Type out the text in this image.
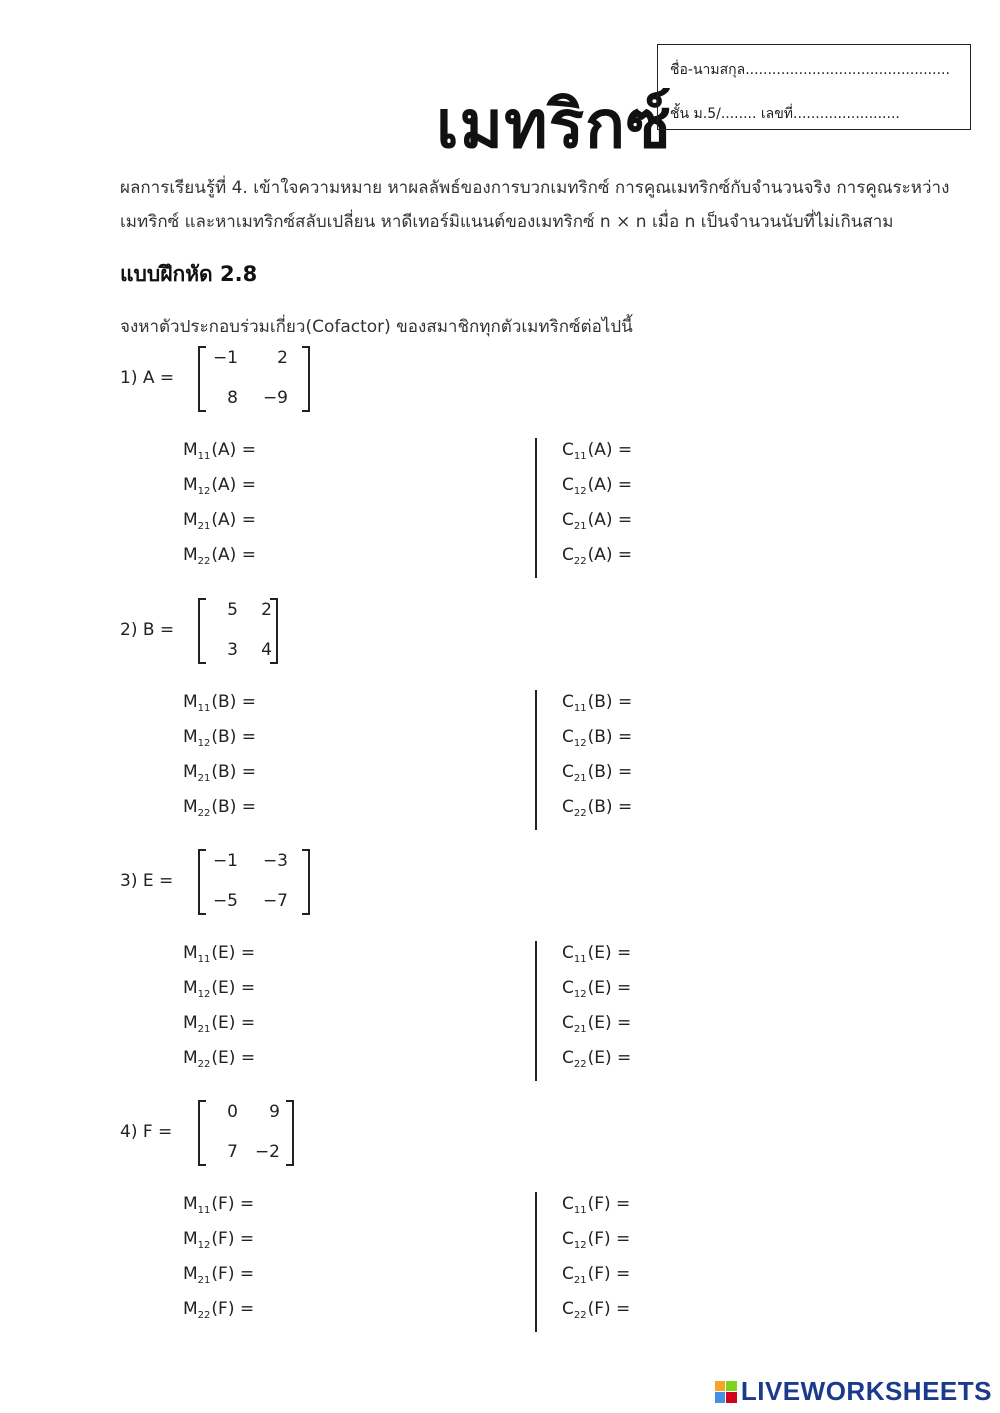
เมทริกซ์
ชื่อ-นามสกุล..............................................
ชั้น ม.5/........ เลขที่........................
ผลการเรียนรู้ที่ 4. เข้าใจความหมาย หาผลลัพธ์ของการบวกเมทริกซ์ การคูณเมทริกซ์กับจำนวนจริง การคูณระหว่าง
เมทริกซ์ และหาเมทริกซ์สลับเปลี่ยน หาดีเทอร์มิแนนต์ของเมทริกซ์ n × n เมื่อ n เป็นจำนวนนับที่ไม่เกินสาม
แบบฝึกหัด 2.8
จงหาตัวประกอบร่วมเกี่ยว(Cofactor) ของสมาชิกทุกตัวเมทริกซ์ต่อไปนี้
1) A =
−1	2
8	−9
$M_{11}(A)$ =	$C_{11}(A)$ =
$M_{12}(A)$ =	$C_{12}(A)$ =
$M_{21}(A)$ =	$C_{21}(A)$ =
$M_{22}(A)$ =	$C_{22}(A)$ =
2) B =
5	2
3	4
$M_{11}(B)$ =	$C_{11}(B)$ =
$M_{12}(B)$ =	$C_{12}(B)$ =
$M_{21}(B)$ =	$C_{21}(B)$ =
$M_{22}(B)$ =	$C_{22}(B)$ =
3) E =
−1	−3
−5	−7
$M_{11}(E)$ =	$C_{11}(E)$ =
$M_{12}(E)$ =	$C_{12}(E)$ =
$M_{21}(E)$ =	$C_{21}(E)$ =
$M_{22}(E)$ =	$C_{22}(E)$ =
4) F =
0	9
7 −2
$M_{11}(F)$ =	$C_{11}(F)$ =
$M_{12}(F)$ =	$C_{12}(F)$ =
$M_{21}(F)$ =	$C_{21}(F)$ =
$M_{22}(F)$ =	$C_{22}(F)$ =
LIVEWORKSHEETS
